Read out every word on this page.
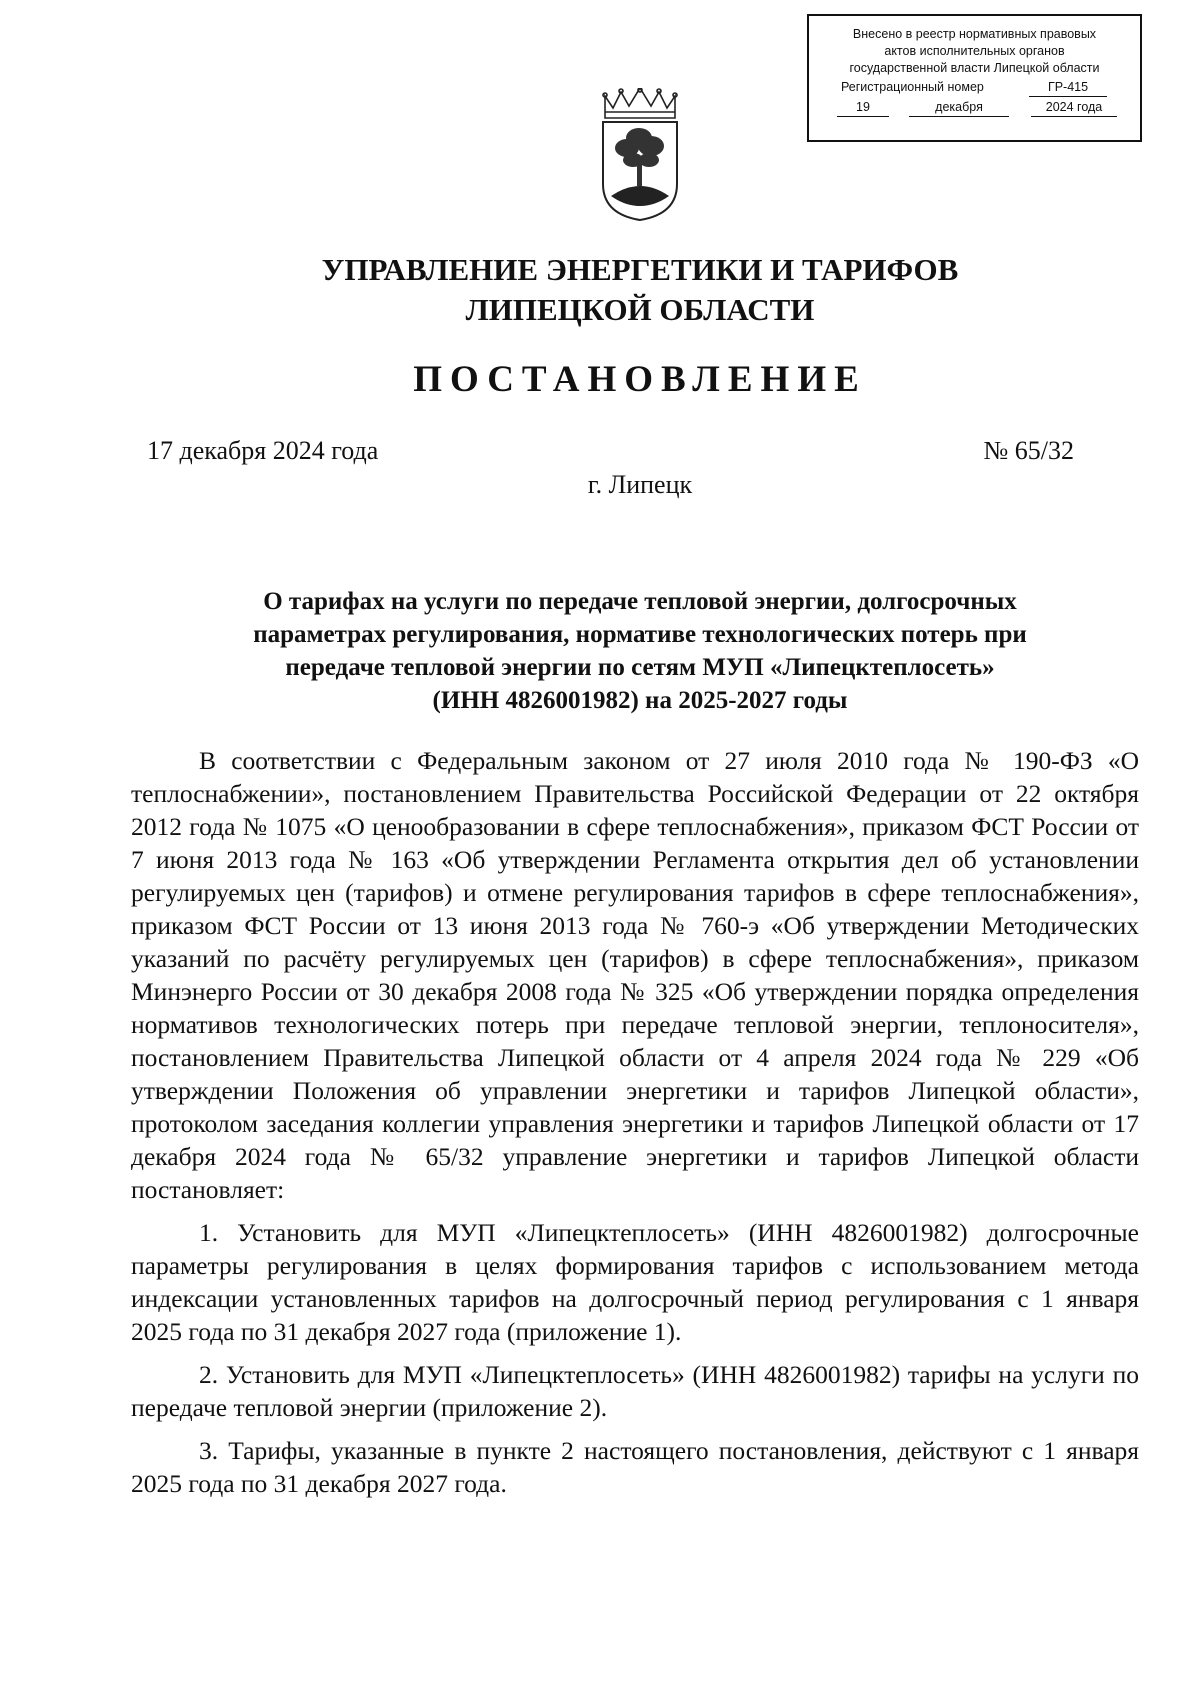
Внесено в реестр нормативных правовых
актов исполнительных органов
государственной власти Липецкой области
Регистрационный номер	ГР-415
19	декабря	2024 года
УПРАВЛЕНИЕ ЭНЕРГЕТИКИ И ТАРИФОВ
ЛИПЕЦКОЙ ОБЛАСТИ
ПОСТАНОВЛЕНИЕ
17 декабря 2024 года	№ 65/32
г. Липецк
О тарифах на услуги по передаче тепловой энергии, долгосрочных
параметрах регулирования, нормативе технологических потерь при
передаче тепловой энергии по сетям МУП «Липецктеплосеть»
(ИНН 4826001982) на 2025-2027 годы

В соответствии с Федеральным законом от 27 июля 2010 года № 190-ФЗ «О теплоснабжении», постановлением Правительства Российской Федерации от 22 октября 2012 года № 1075 «О ценообразовании в сфере теплоснабжения», приказом ФСТ России от 7 июня 2013 года № 163 «Об утверждении Регламента открытия дел об установлении регулируемых цен (тарифов) и отмене регулирования тарифов в сфере теплоснабжения», приказом ФСТ России от 13 июня 2013 года № 760-э «Об утверждении Методических указаний по расчёту регулируемых цен (тарифов) в сфере теплоснабжения», приказом Минэнерго России от 30 декабря 2008 года № 325 «Об утверждении порядка определения нормативов технологических потерь при передаче тепловой энергии, теплоносителя», постановлением Правительства Липецкой области от 4 апреля 2024 года № 229 «Об утверждении Положения об управлении энергетики и тарифов Липецкой области», протоколом заседания коллегии управления энергетики и тарифов Липецкой области от 17 декабря 2024 года № 65/32 управление энергетики и тарифов Липецкой области постановляет:

1. Установить для МУП «Липецктеплосеть» (ИНН 4826001982) долгосрочные параметры регулирования в целях формирования тарифов с использованием метода индексации установленных тарифов на долгосрочный период регулирования с 1 января 2025 года по 31 декабря 2027 года (приложение 1).

2. Установить для МУП «Липецктеплосеть» (ИНН 4826001982) тарифы на услуги по передаче тепловой энергии (приложение 2).

3. Тарифы, указанные в пункте 2 настоящего постановления, действуют с 1 января 2025 года по 31 декабря 2027 года.
